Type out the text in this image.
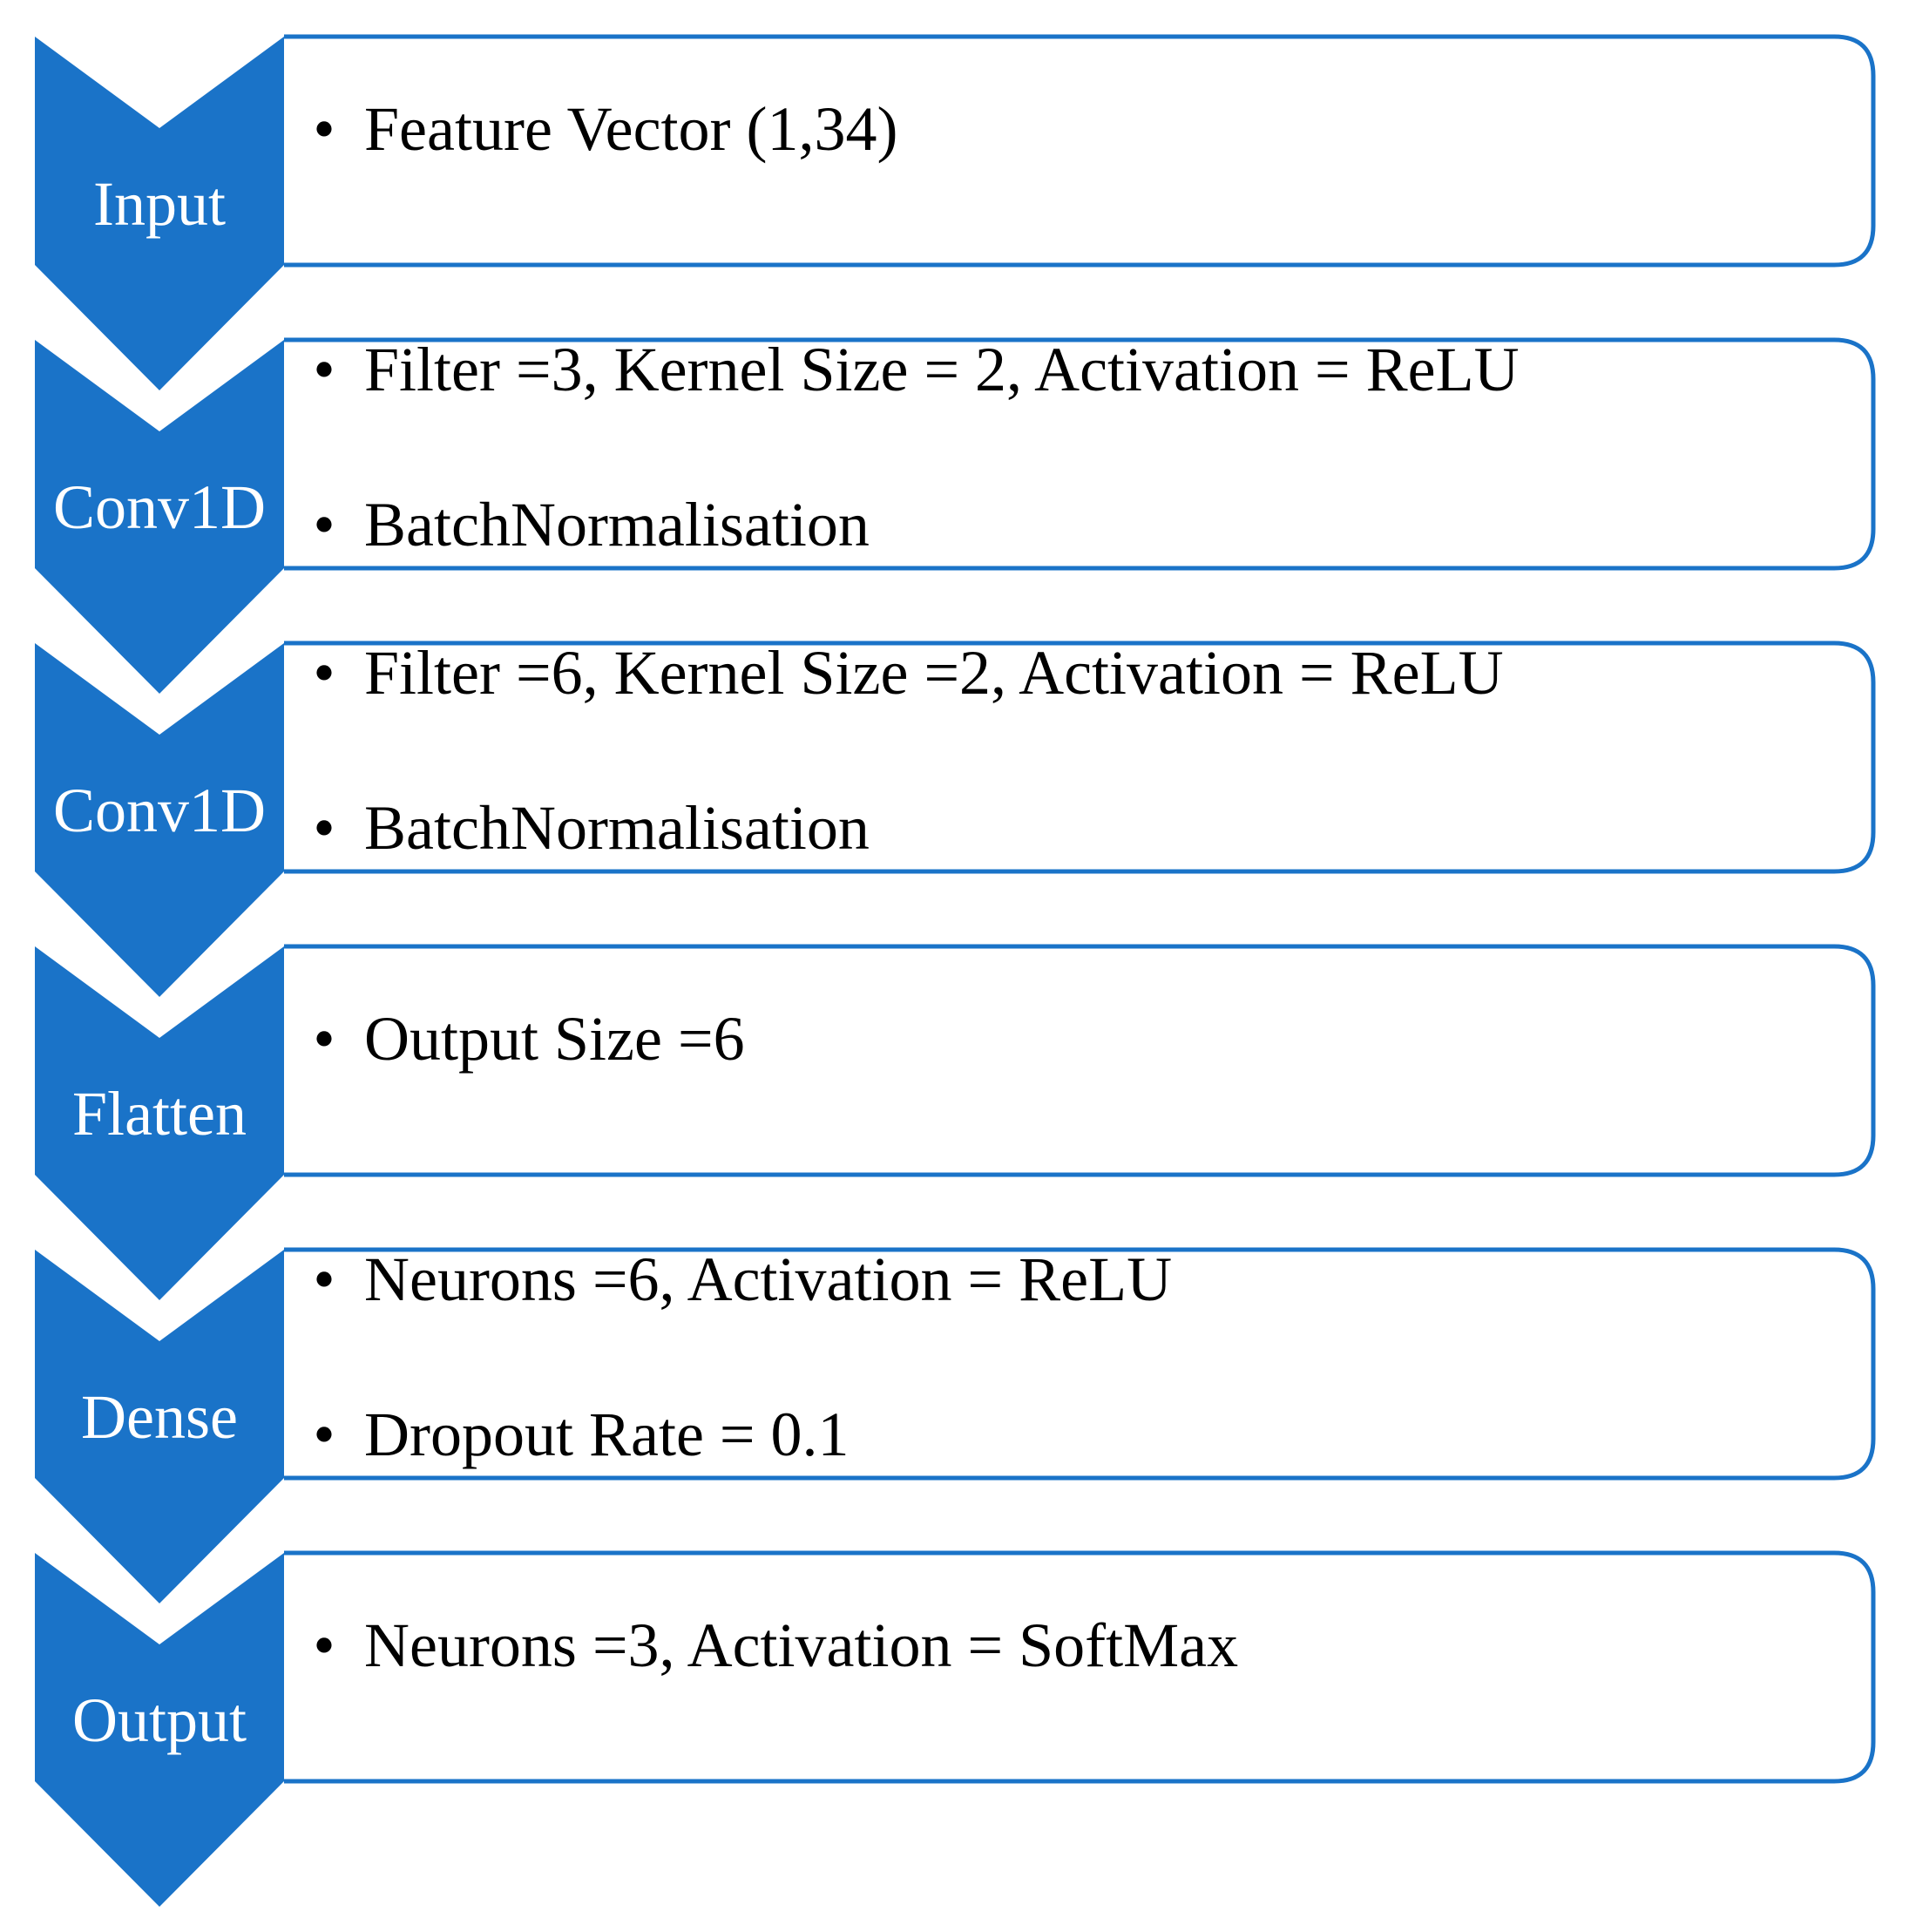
• Feature Vector (1,34)
• Filter =3, Kernel Size = 2, Activation = ReLU
• BatchNormalisation
• Filter =6, Kernel Size =2, Activation = ReLU
• BatchNormalisation
• Output Size =6
• Neurons =6, Activation = ReLU
• Dropout Rate = 0.1
• Neurons =3, Activation = SoftMax
Input
Conv1D
Conv1D
Flatten
Dense
Output
